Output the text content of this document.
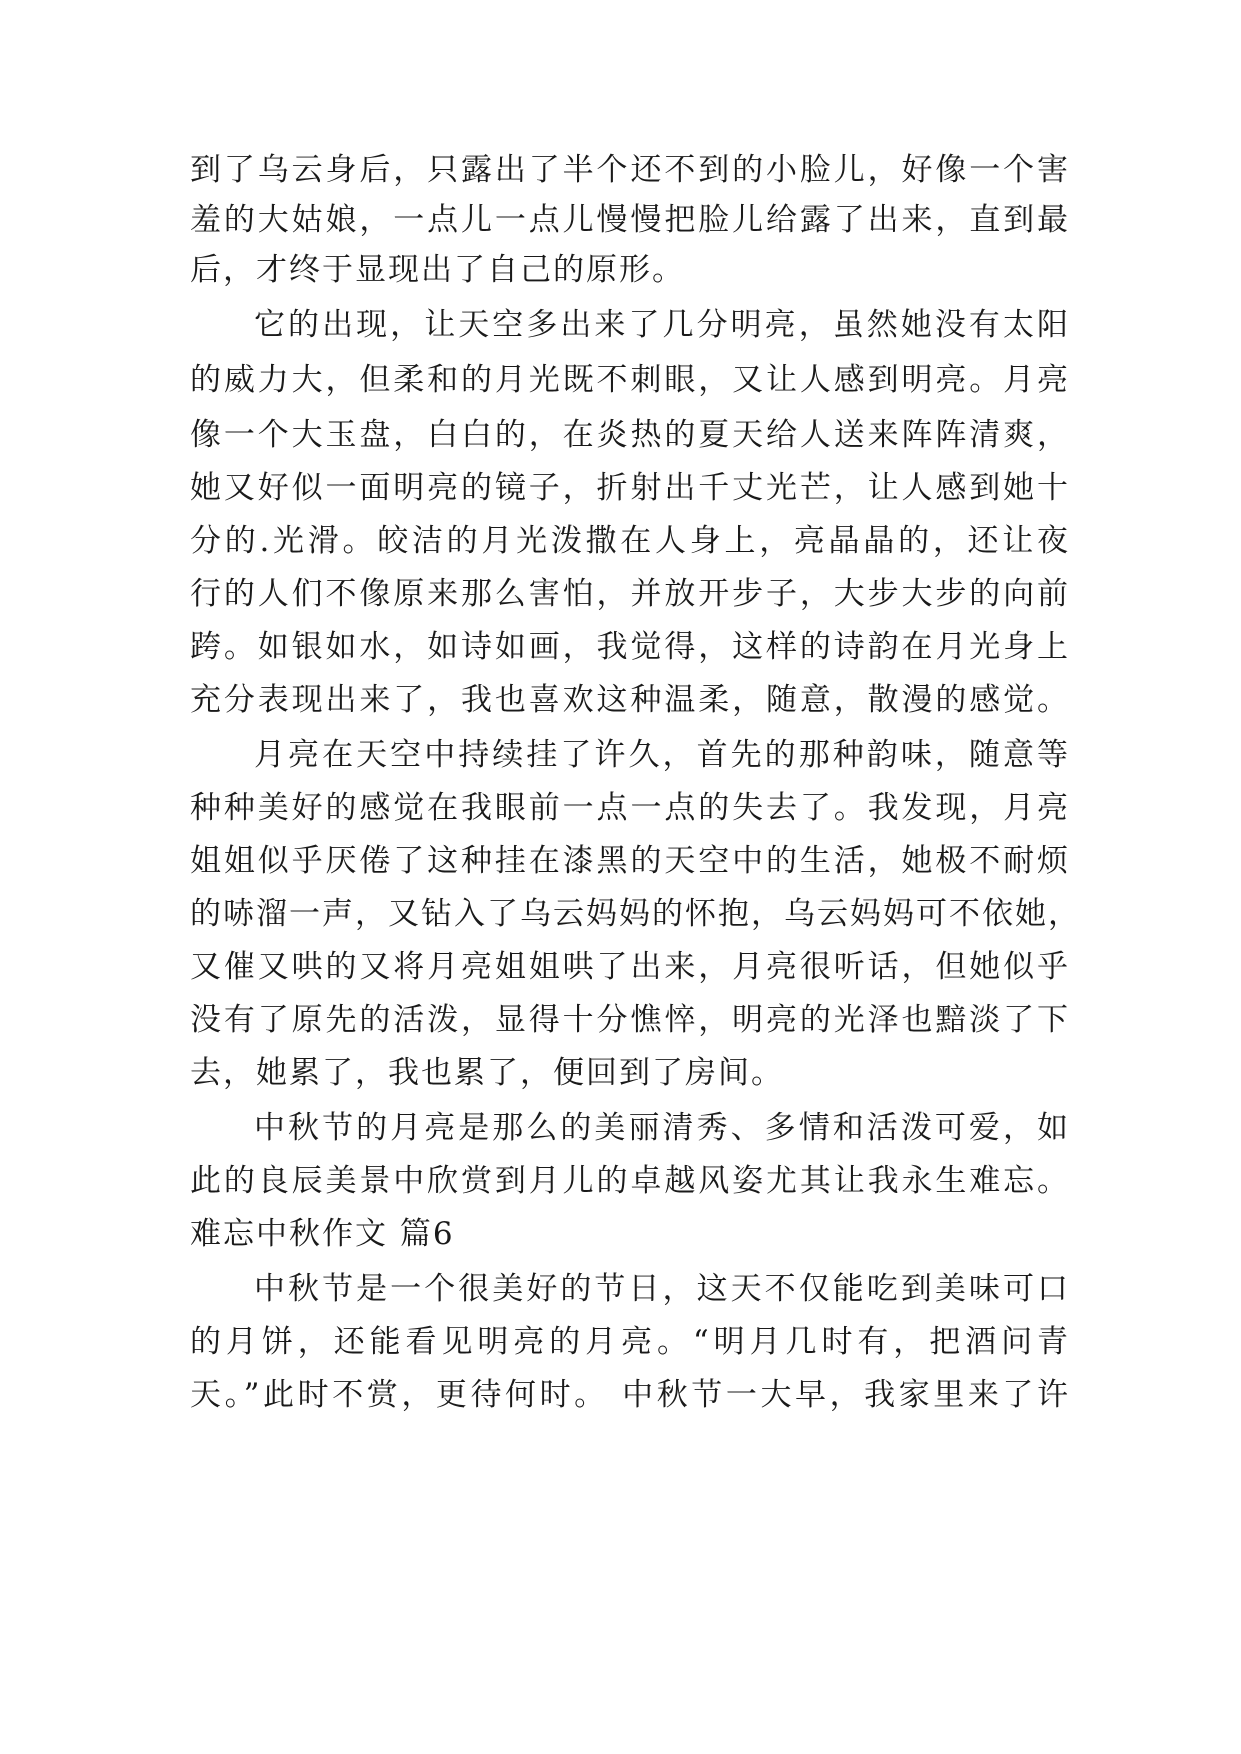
到了乌云身后，只露出了半个还不到的小脸儿，好像一个害
羞的大姑娘，一点儿一点儿慢慢把脸儿给露了出来，直到最
后，才终于显现出了自己的原形。
它的出现，让天空多出来了几分明亮，虽然她没有太阳
的威力大，但柔和的月光既不刺眼，又让人感到明亮。月亮
像一个大玉盘，白白的，在炎热的夏天给人送来阵阵清爽，
她又好似一面明亮的镜子，折射出千丈光芒，让人感到她十
分的.光滑。皎洁的月光泼撒在人身上，亮晶晶的，还让夜
行的人们不像原来那么害怕，并放开步子，大步大步的向前
跨。如银如水，如诗如画，我觉得，这样的诗韵在月光身上
充分表现出来了，我也喜欢这种温柔，随意，散漫的感觉。
月亮在天空中持续挂了许久，首先的那种韵味，随意等
种种美好的感觉在我眼前一点一点的失去了。我发现，月亮
姐姐似乎厌倦了这种挂在漆黑的天空中的生活，她极不耐烦
的哧溜一声，又钻入了乌云妈妈的怀抱，乌云妈妈可不依她，
又催又哄的又将月亮姐姐哄了出来，月亮很听话，但她似乎
没有了原先的活泼，显得十分憔悴，明亮的光泽也黯淡了下
去，她累了，我也累了，便回到了房间。
中秋节的月亮是那么的美丽清秀、多情和活泼可爱，如
此的良辰美景中欣赏到月儿的卓越风姿尤其让我永生难忘。
难忘中秋作文 篇6
中秋节是一个很美好的节日，这天不仅能吃到美味可口
的月饼，还能看见明亮的月亮。“明月几时有，把酒问青
天。”此时不赏，更待何时。 中秋节一大早，我家里来了许
